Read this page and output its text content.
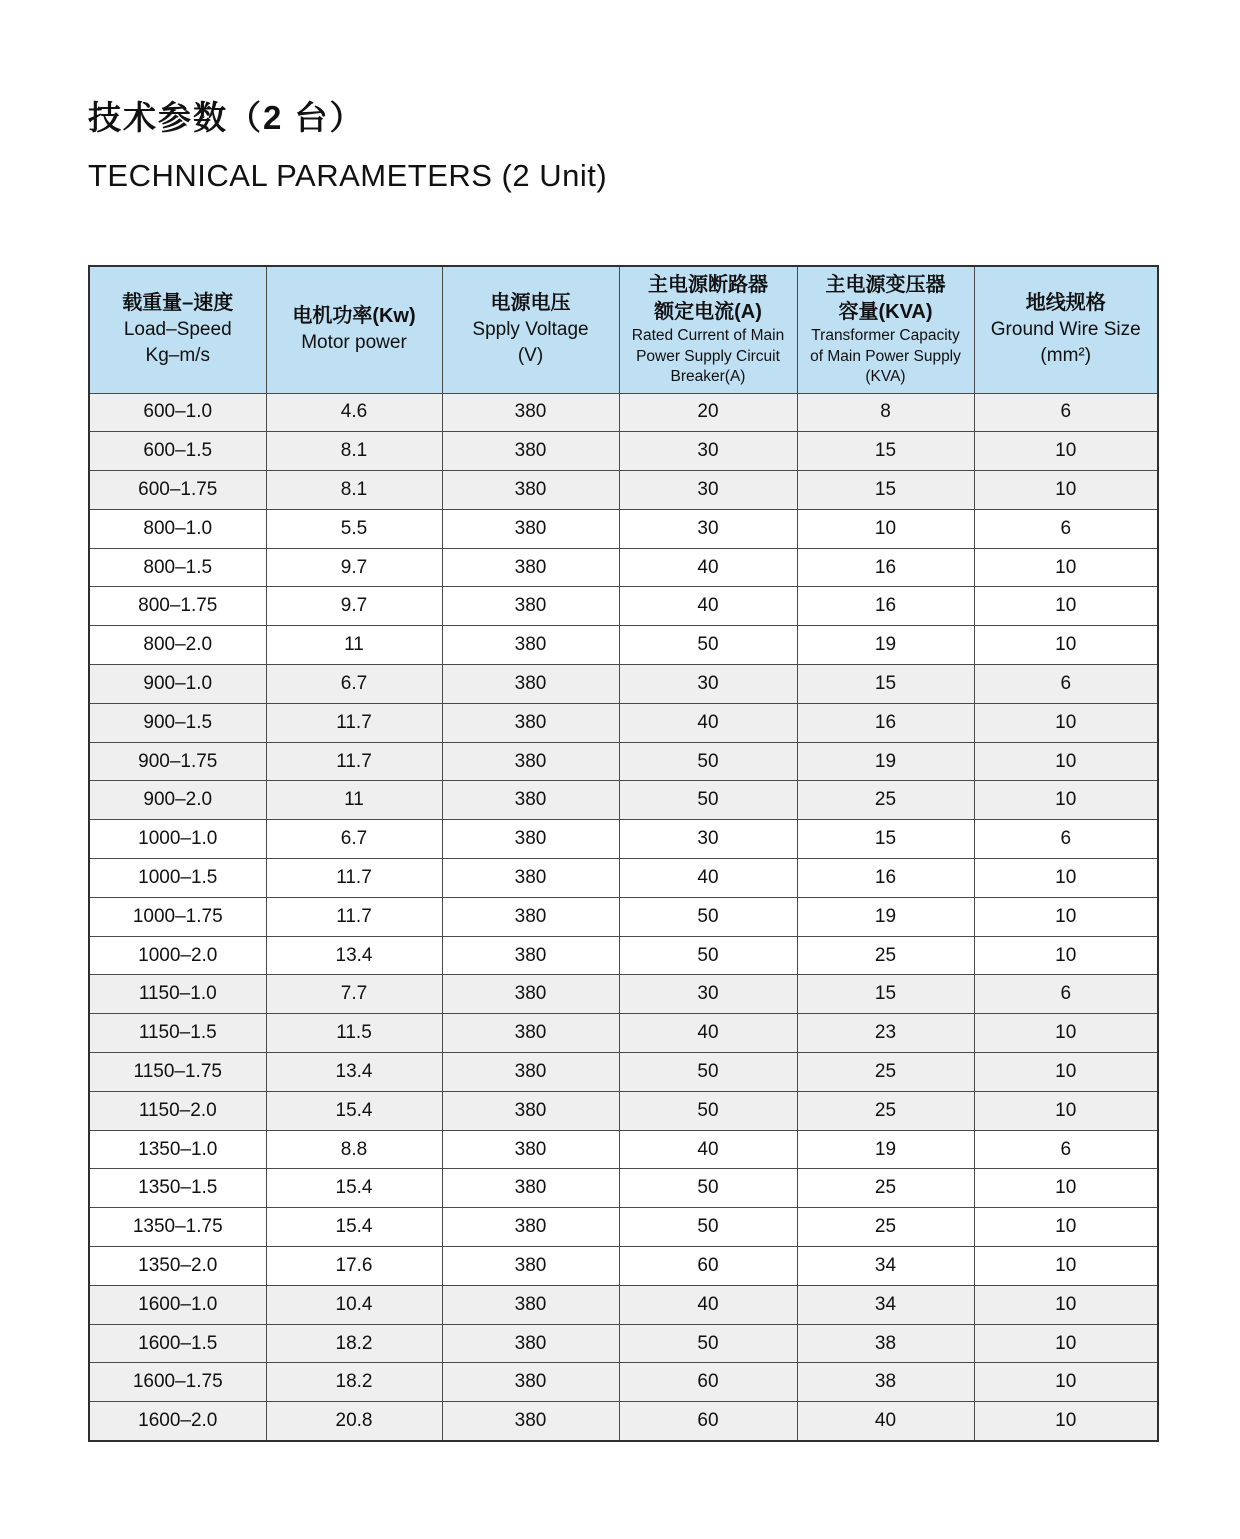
技术参数（2 台）
TECHNICAL PARAMETERS (2 Unit)
载重量–速度
Load–Speed
Kg–m/s	电机功率(Kw)
Motor power	电源电压
Spply Voltage
(V)	主电源断路器
额定电流(A)
Rated Current of Main
Power Supply Circuit
Breaker(A)	主电源变压器
容量(KVA)
Transformer Capacity
of Main Power Supply
(KVA)	地线规格
Ground Wire Size
(mm²)

600–1.0	4.6	380	20	8	6
600–1.5	8.1	380	30	15	10
600–1.75	8.1	380	30	15	10
800–1.0	5.5	380	30	10	6
800–1.5	9.7	380	40	16	10
800–1.75	9.7	380	40	16	10
800–2.0	11	380	50	19	10
900–1.0	6.7	380	30	15	6
900–1.5	11.7	380	40	16	10
900–1.75	11.7	380	50	19	10
900–2.0	11	380	50	25	10
1000–1.0	6.7	380	30	15	6
1000–1.5	11.7	380	40	16	10
1000–1.75	11.7	380	50	19	10
1000–2.0	13.4	380	50	25	10
1150–1.0	7.7	380	30	15	6
1150–1.5	11.5	380	40	23	10
1150–1.75	13.4	380	50	25	10
1150–2.0	15.4	380	50	25	10
1350–1.0	8.8	380	40	19	6
1350–1.5	15.4	380	50	25	10
1350–1.75	15.4	380	50	25	10
1350–2.0	17.6	380	60	34	10
1600–1.0	10.4	380	40	34	10
1600–1.5	18.2	380	50	38	10
1600–1.75	18.2	380	60	38	10
1600–2.0	20.8	380	60	40	10
